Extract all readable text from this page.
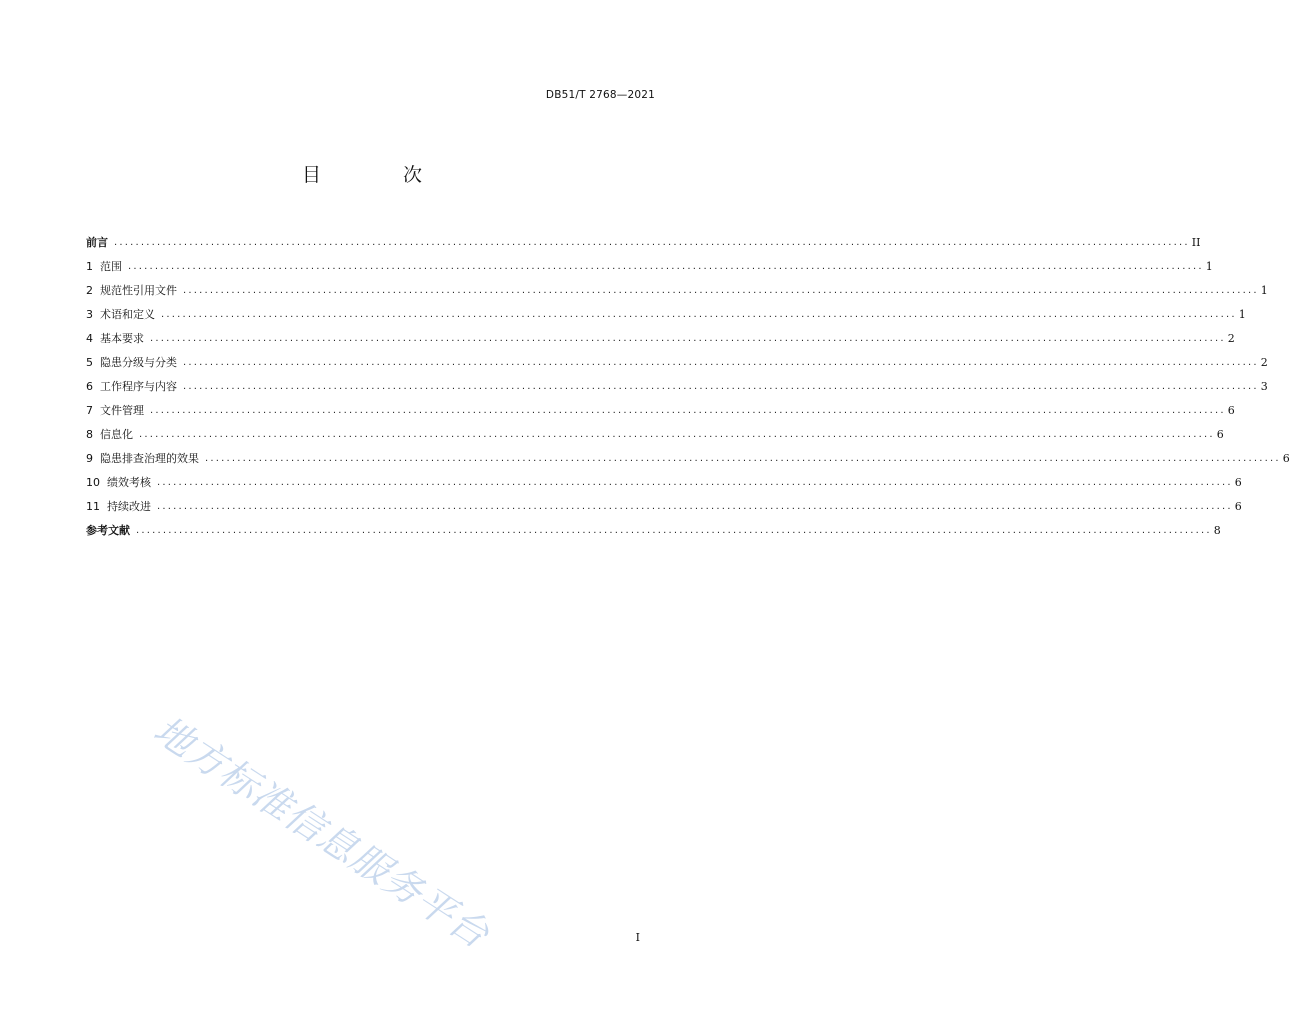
DB51/T 2768—2021
目 次
前言 ........................................................................................................................................................................................................ II
1 范围 ........................................................................................................................................................................................................ 1
2 规范性引用文件 ........................................................................................................................................................................................................ 1
3 术语和定义 ........................................................................................................................................................................................................ 1
4 基本要求 ........................................................................................................................................................................................................ 2
5 隐患分级与分类 ........................................................................................................................................................................................................ 2
6 工作程序与内容 ........................................................................................................................................................................................................ 3
7 文件管理 ........................................................................................................................................................................................................ 6
8 信息化 ........................................................................................................................................................................................................ 6
9 隐患排查治理的效果 ........................................................................................................................................................................................................ 6
10 绩效考核 ........................................................................................................................................................................................................ 6
11 持续改进 ........................................................................................................................................................................................................ 6
参考文献 ........................................................................................................................................................................................................ 8
地方标准信息服务平台	I
